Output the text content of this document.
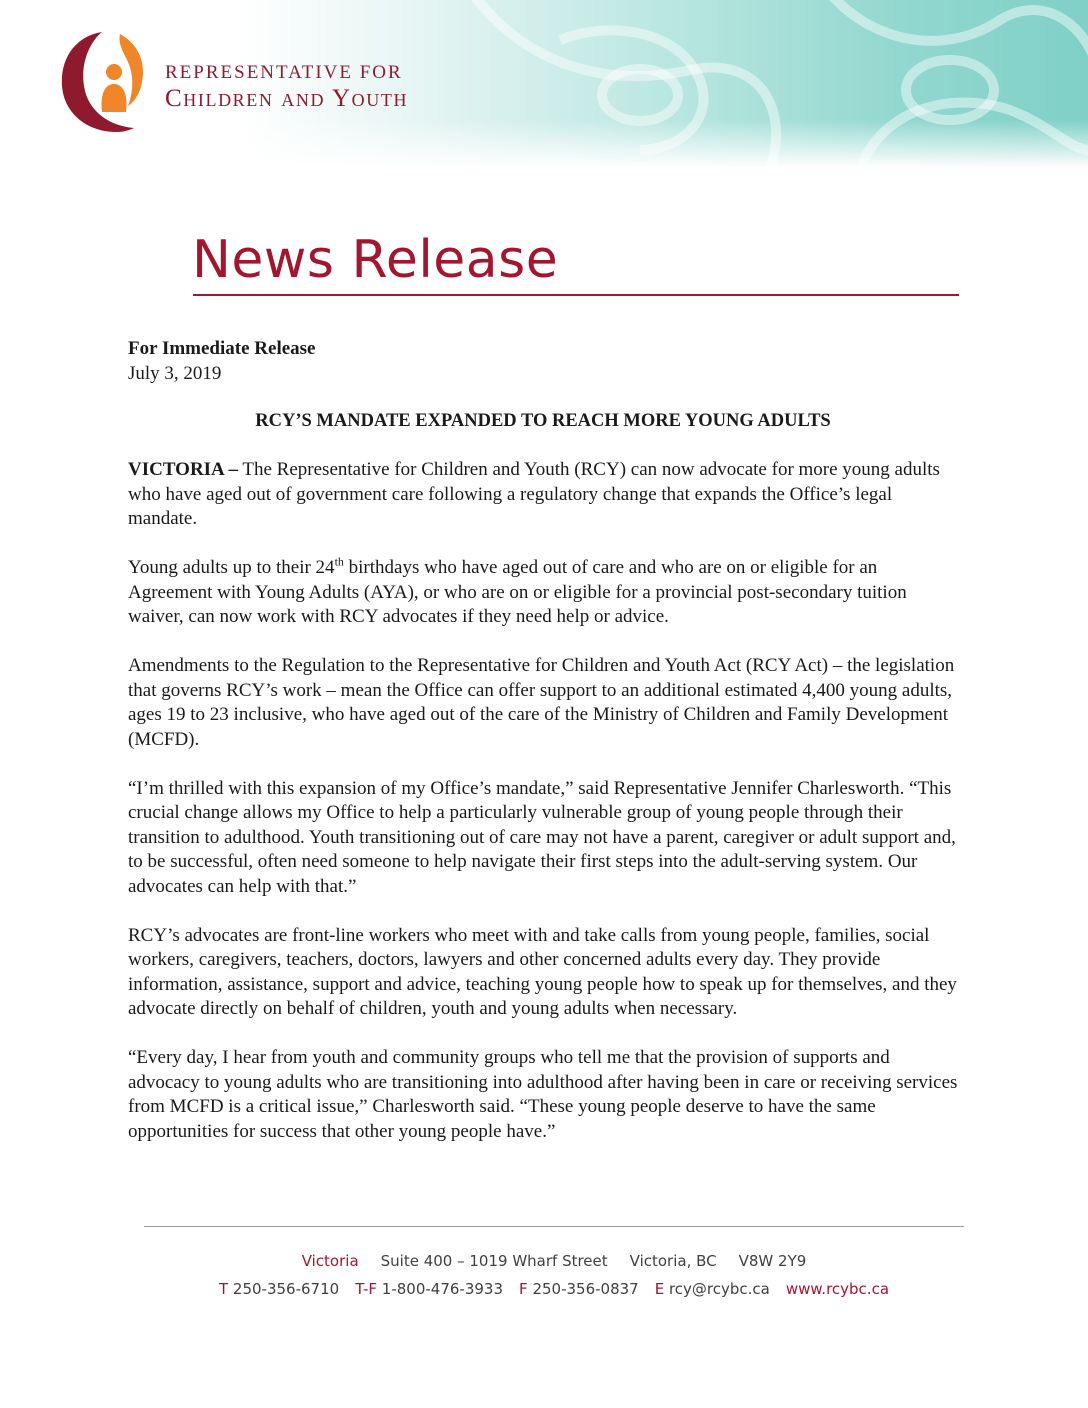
REPRESENTATIVE FOR
Children and Youth
News Release
For Immediate Release
July 3, 2019
RCY’S MANDATE EXPANDED TO REACH MORE YOUNG ADULTS

VICTORIA – The Representative for Children and Youth (RCY) can now advocate for more young adults who have aged out of government care following a regulatory change that expands the Office’s legal mandate.

Young adults up to their 24th birthdays who have aged out of care and who are on or eligible for an Agreement with Young Adults (AYA), or who are on or eligible for a provincial post-secondary tuition waiver, can now work with RCY advocates if they need help or advice.

Amendments to the Regulation to the Representative for Children and Youth Act (RCY Act) – the legislation that governs RCY’s work – mean the Office can offer support to an additional estimated 4,400 young adults, ages 19 to 23 inclusive, who have aged out of the care of the Ministry of Children and Family Development (MCFD).

“I’m thrilled with this expansion of my Office’s mandate,” said Representative Jennifer Charlesworth. “This crucial change allows my Office to help a particularly vulnerable group of young people through their transition to adulthood. Youth transitioning out of care may not have a parent, caregiver or adult support and, to be successful, often need someone to help navigate their first steps into the adult-serving system. Our advocates can help with that.”

RCY’s advocates are front-line workers who meet with and take calls from young people, families, social workers, caregivers, teachers, doctors, lawyers and other concerned adults every day. They provide information, assistance, support and advice, teaching young people how to speak up for themselves, and they advocate directly on behalf of children, youth and young adults when necessary.

“Every day, I hear from youth and community groups who tell me that the provision of supports and advocacy to young adults who are transitioning into adulthood after having been in care or receiving services from MCFD is a critical issue,” Charlesworth said. “These young people deserve to have the same opportunities for success that other young people have.”

Victoria Suite 400 – 1019 Wharf Street Victoria, BC V8W 2Y9
T 250-356-6710 T-F 1-800-476-3933 F 250-356-0837 E rcy@rcybc.ca www.rcybc.ca
